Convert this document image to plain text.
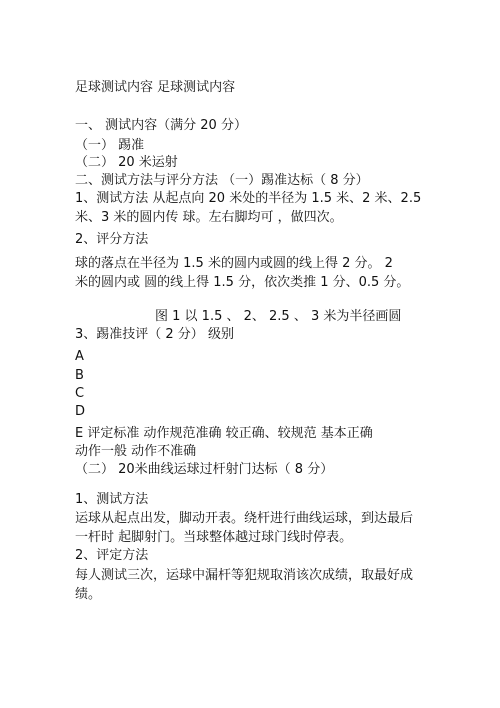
足球测试内容 足球测试内容
一、 测试内容（满分 20 分）
（一） 踢准
（二） 20 米运射
二、测试方法与评分方法 （一）踢准达标（ 8 分）
1、测试方法 从起点向 20 米处的半径为 1.5 米、2 米、2.5
米、3 米的圆内传 球。左右脚均可 ，做四次。
2、评分方法
球的落点在半径为 1.5 米的圆内或圆的线上得 2 分。 2
米的圆内或 圆的线上得 1.5 分，依次类推 1 分、0.5 分。
图 1 以 1.5 、 2、 2.5 、 3 米为半径画圆
3、踢准技评（ 2 分） 级别
A
B
C
D
E 评定标准 动作规范准确 较正确、较规范 基本正确
动作一般 动作不准确
（二） 20米曲线运球过杆射门达标（ 8 分）
1、测试方法
运球从起点出发，脚动开表。绕杆进行曲线运球，到达最后
一杆时 起脚射门。当球整体越过球门线时停表。
2、评定方法
每人测试三次，运球中漏杆等犯规取消该次成绩，取最好成
绩。
